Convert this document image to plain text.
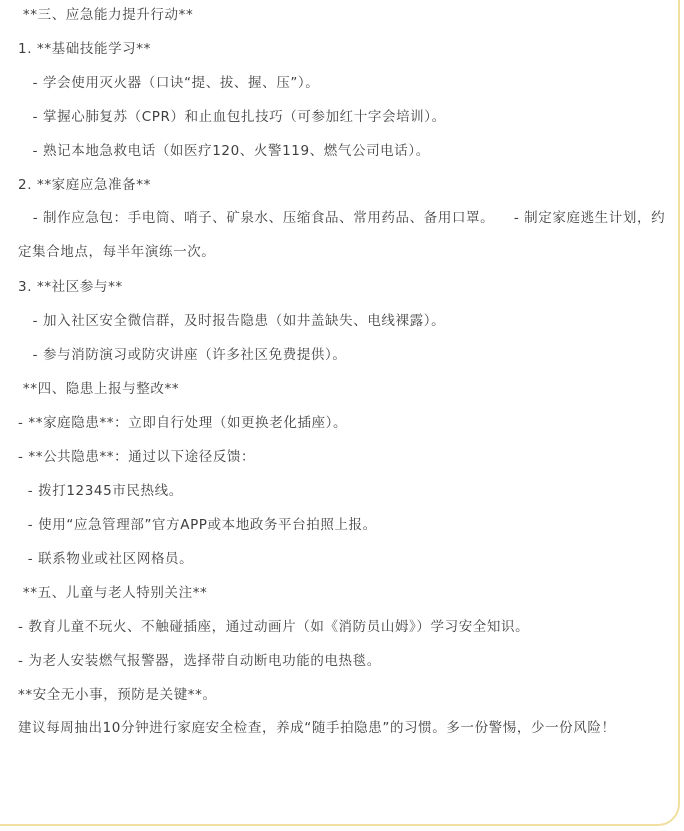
**三、应急能力提升行动**
1. **基础技能学习**
- 学会使用灭火器（口诀“提、拔、握、压”）。
- 掌握心肺复苏（CPR）和止血包扎技巧（可参加红十字会培训）。
- 熟记本地急救电话（如医疗120、火警119、燃气公司电话）。
2. **家庭应急准备**
- 制作应急包：手电筒、哨子、矿泉水、压缩食品、常用药品、备用口罩。    - 制定家庭逃生计划，约定集合地点，每半年演练一次。
3. **社区参与**
- 加入社区安全微信群，及时报告隐患（如井盖缺失、电线裸露）。
- 参与消防演习或防灾讲座（许多社区免费提供）。
**四、隐患上报与整改**
- **家庭隐患**：立即自行处理（如更换老化插座）。
- **公共隐患**：通过以下途径反馈：
- 拨打12345市民热线。
- 使用“应急管理部”官方APP或本地政务平台拍照上报。
- 联系物业或社区网格员。
**五、儿童与老人特别关注**
- 教育儿童不玩火、不触碰插座，通过动画片（如《消防员山姆》）学习安全知识。
- 为老人安装燃气报警器，选择带自动断电功能的电热毯。
**安全无小事，预防是关键**。
建议每周抽出10分钟进行家庭安全检查，养成“随手拍隐患”的习惯。多一份警惕，少一份风险！
